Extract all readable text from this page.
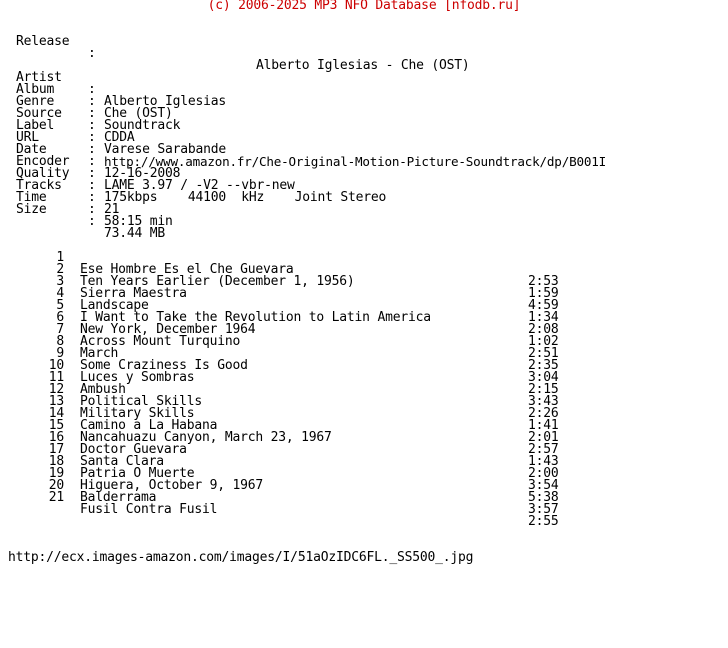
(c) 2006-2025 MP3 NFO Database [nfodb.ru]

Release

:

Alberto Iglesias - Che (OST)

Artist

:

Alberto Iglesias

Album

:

Che (OST)

Genre

:

Soundtrack

Source

:

CDDA

Label

:

Varese Sarabande

URL

:

http://www.amazon.fr/Che-Original-Motion-Picture-Soundtrack/dp/B001I

Date

:

12-16-2008

Encoder

:

LAME 3.97 / -V2 --vbr-new

Quality

:

175kbps    44100  kHz    Joint Stereo

Tracks

:

21

Time

:

58:15 min

Size

:

73.44 MB

1

Ese Hombre Es el Che Guevara

2:53

2

Ten Years Earlier (December 1, 1956)

1:59

3

Sierra Maestra

4:59

4

Landscape

1:34

5

I Want to Take the Revolution to Latin America

2:08

6

New York, December 1964

1:02

7

Across Mount Turquino

2:51

8

March

2:35

9

Some Craziness Is Good

3:04

10

Luces y Sombras

2:15

11

Ambush

3:43

12

Political Skills

2:26

13

Military Skills

1:41

14

Camino a La Habana

2:01

15

Nancahuazu Canyon, March 23, 1967

2:57

16

Doctor Guevara

1:43

17

Santa Clara

2:00

18

Patria O Muerte

3:54

19

Higuera, October 9, 1967

5:38

20

Balderrama

3:57

21

Fusil Contra Fusil

2:55

http://ecx.images-amazon.com/images/I/51aOzIDC6FL._SS500_.jpg
